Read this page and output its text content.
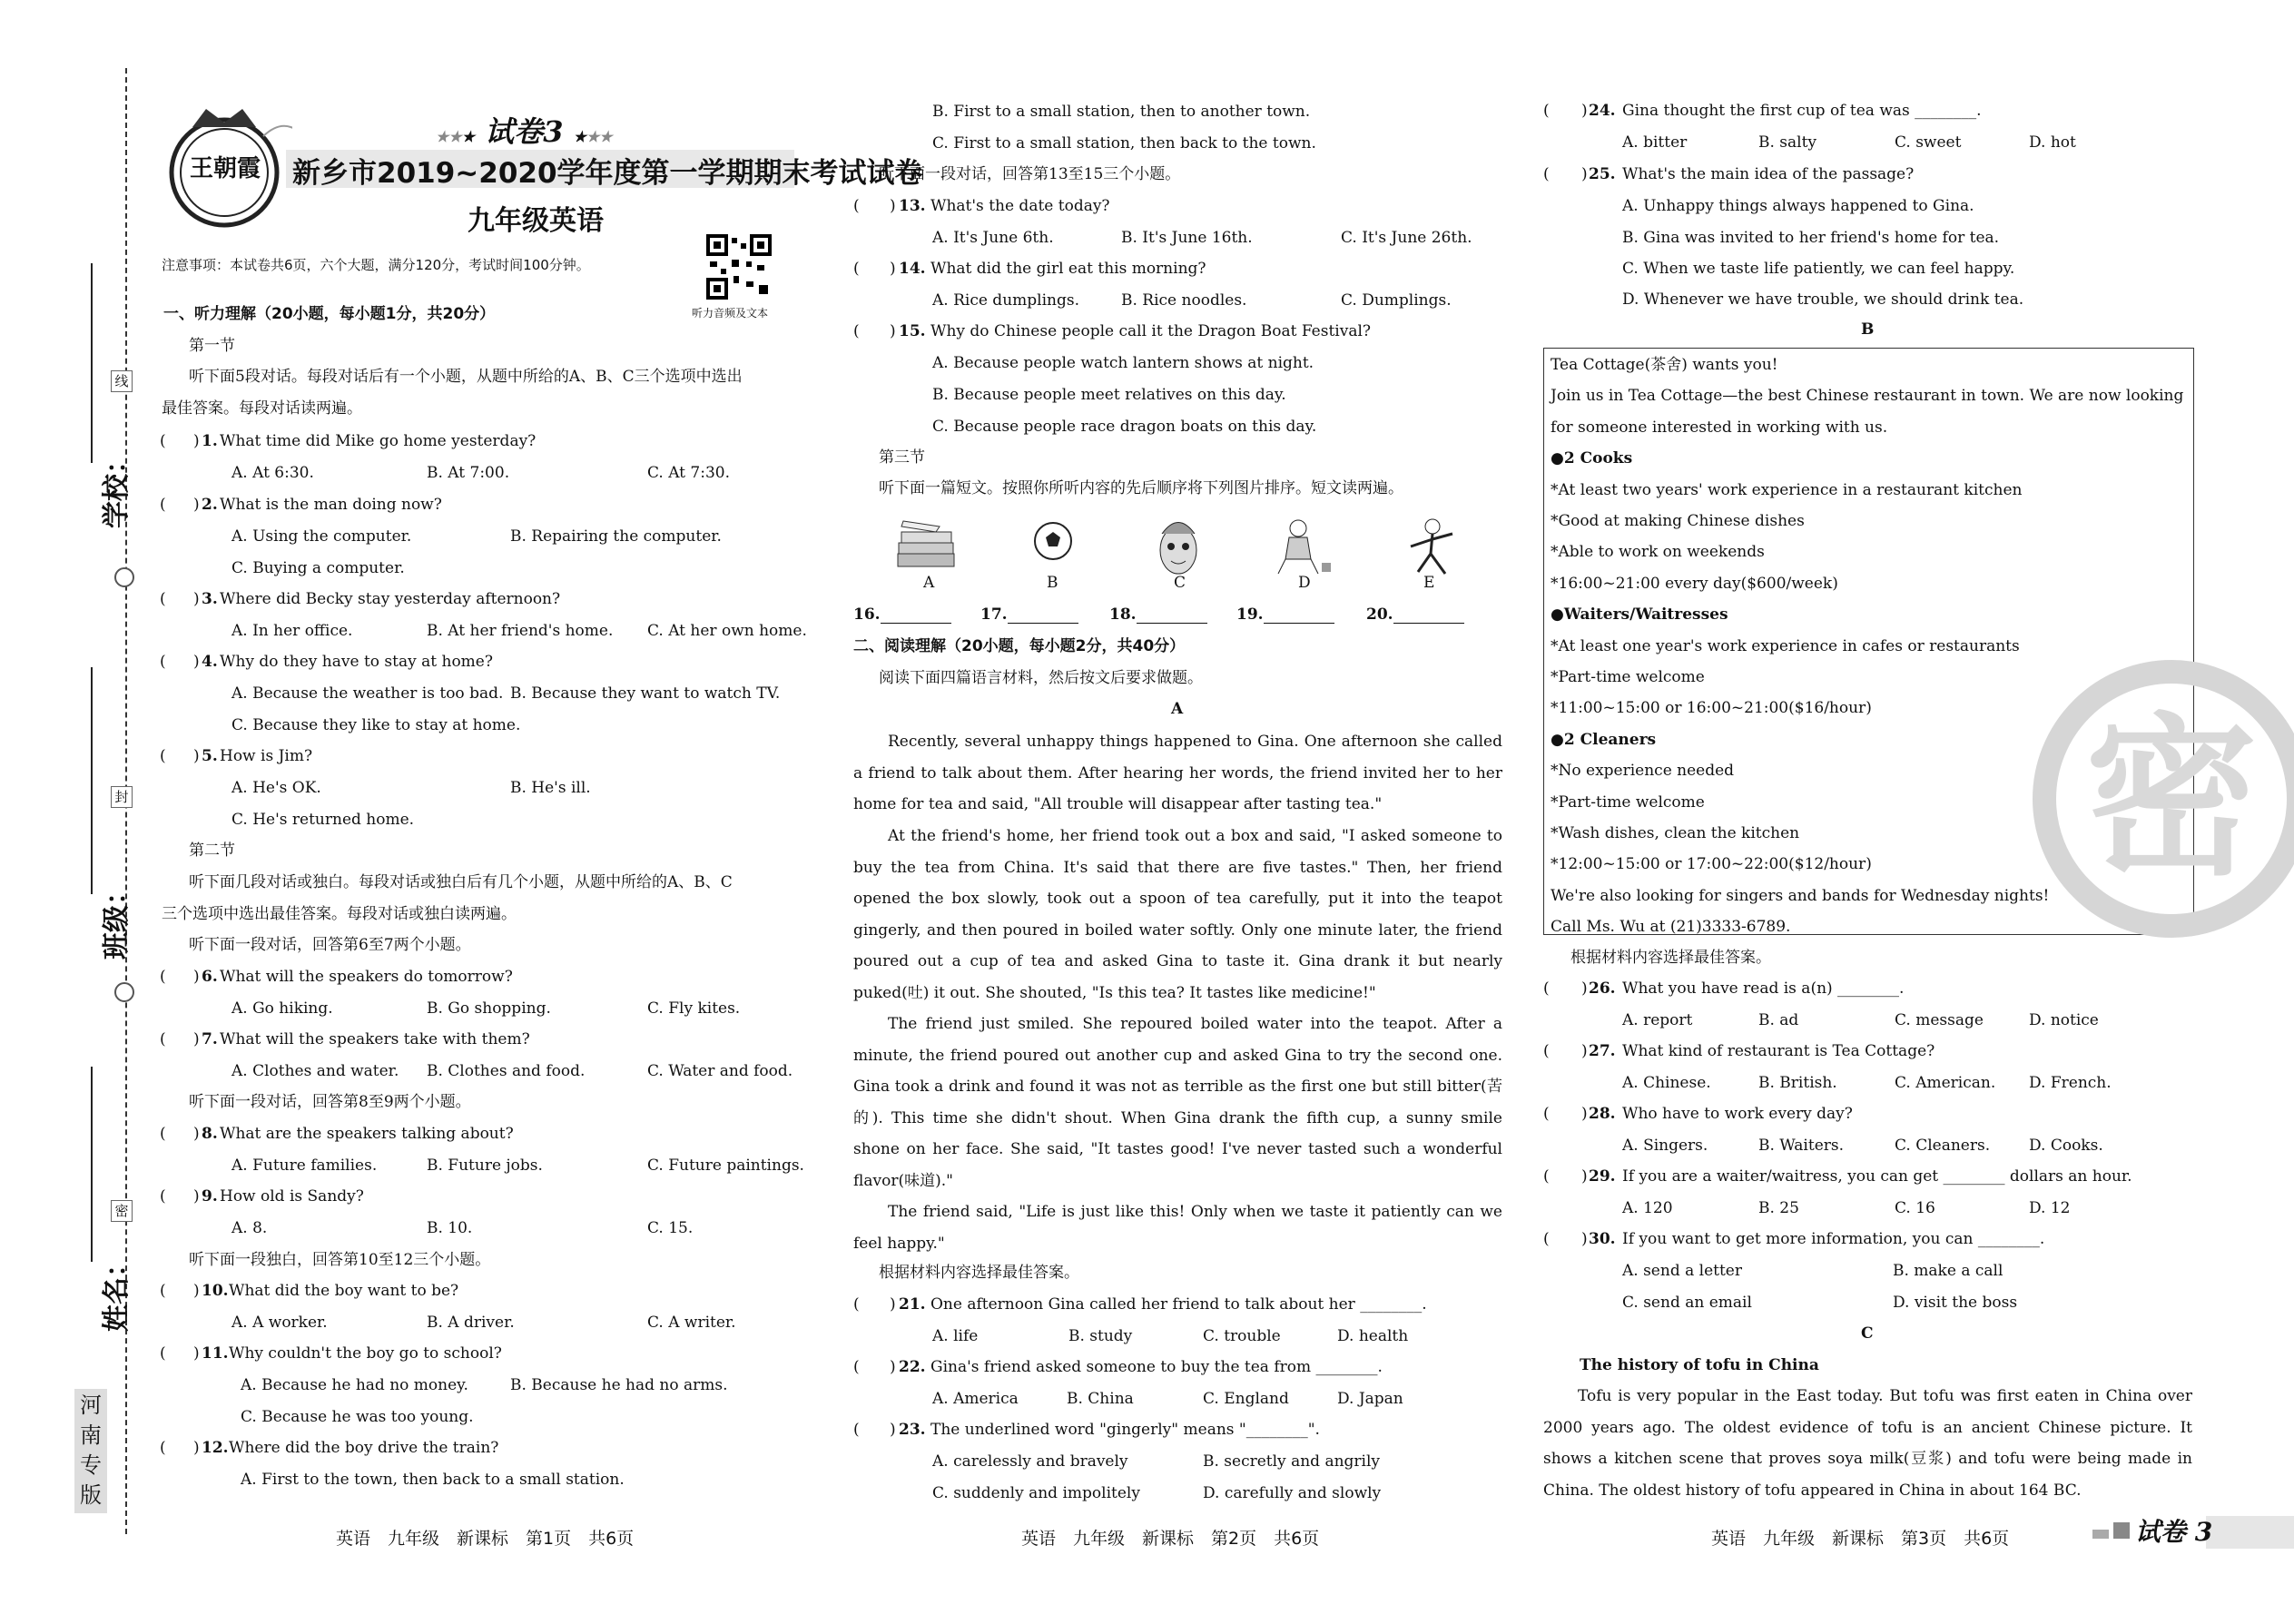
线
封
密
学校：
班级：
姓名：
河
南
专
版
王朝霞
★★★ 试卷3 ★★★
新乡市2019~2020学年度第一学期期末考试试卷
九年级英语
注意事项：本试卷共6页，六个大题，满分120分，考试时间100分钟。
听力音频及文本
一、听力理解（20小题，每小题1分，共20分）
第一节
听下面5段对话。每段对话后有一个小题，从题中所给的A、B、C三个选项中选出
最佳答案。每段对话读两遍。
密
英语　九年级　新课标　第1页　共6页	英语　九年级　新课标　第2页　共6页	英语　九年级　新课标　第3页　共6页	试卷 3
( ) 1. What time did Mike go home yesterday?
A. At 6:30.	B. At 7:00.	C. At 7:30.
( ) 2. What is the man doing now?
A. Using the computer.	B. Repairing the computer.
C. Buying a computer.
( ) 3. Where did Becky stay yesterday afternoon?
A. In her office.	B. At her friend's home. C. At her own home.
( ) 4. Why do they have to stay at home?
A. Because the weather is too bad. B. Because they want to watch TV.
C. Because they like to stay at home.
( ) 5. How is Jim?
A. He's OK.	B. He's ill.
C. He's returned home.
第二节
听下面几段对话或独白。每段对话或独白后有几个小题，从题中所给的A、B、C
三个选项中选出最佳答案。每段对话或独白读两遍。
听下面一段对话，回答第6至7两个小题。
( ) 6. What will the speakers do tomorrow?
A. Go hiking.	B. Go shopping.	C. Fly kites.
( ) 7. What will the speakers take with them?
A. Clothes and water. B. Clothes and food.	C. Water and food.
听下面一段对话，回答第8至9两个小题。
( ) 8. What are the speakers talking about?
A. Future families.	B. Future jobs.	C. Future paintings.
( ) 9. How old is Sandy?
A. 8.	B. 10.	C. 15.
听下面一段独白，回答第10至12三个小题。
( ) 10. What did the boy want to be?
A. A worker.	B. A driver.	C. A writer.
( ) 11. Why couldn't the boy go to school?
A. Because he had no money.	B. Because he had no arms.
C. Because he was too young.
( ) 12. Where did the boy drive the train?
A. First to the town, then back to a small station.
B. First to a small station, then to another town.
C. First to a small station, then back to the town.
听下面一段对话，回答第13至15三个小题。
( ) 13. What's the date today?
A. It's June 6th.	B. It's June 16th.	C. It's June 26th.
( ) 14. What did the girl eat this morning?
A. Rice dumplings.	B. Rice noodles.	C. Dumplings.
( ) 15. Why do Chinese people call it the Dragon Boat Festival?
A. Because people watch lantern shows at night.
B. Because people meet relatives on this day.
C. Because people race dragon boats on this day.
第三节
听下面一篇短文。按照你所听内容的先后顺序将下列图片排序。短文读两遍。
A	B	C	D	E
16.	17.	18.	19.	20.
二、阅读理解（20小题，每小题2分，共40分）
阅读下面四篇语言材料，然后按文后要求做题。
A
Recently, several unhappy things happened to Gina. One afternoon she called a friend to talk about them. After hearing her words, the friend invited her to her home for tea and said, "All trouble will disappear after tasting tea."
At the friend's home, her friend took out a box and said, "I asked someone to buy the tea from China. It's said that there are five tastes." Then, her friend opened the box slowly, took out a spoon of tea carefully, put it into the teapot gingerly, and then poured in boiled water softly. Only one minute later, the friend poured out a cup of tea and asked Gina to taste it. Gina drank it but nearly puked(吐) it out. She shouted, "Is this tea? It tastes like medicine!"
The friend just smiled. She repoured boiled water into the teapot. After a minute, the friend poured out another cup and asked Gina to try the second one. Gina took a drink and found it was not as terrible as the first one but still bitter(苦的). This time she didn't shout. When Gina drank the fifth cup, a sunny smile shone on her face. She said, "It tastes good! I've never tasted such a wonderful flavor(味道)."
The friend said, "Life is just like this! Only when we taste it patiently can we feel happy."
根据材料内容选择最佳答案。
( ) 21. One afternoon Gina called her friend to talk about her ________.
A. life	B. study	C. trouble	D. health
( ) 22. Gina's friend asked someone to buy the tea from ________.
A. America	B. China	C. England	D. Japan
( ) 23. The underlined word "gingerly" means "________".
A. carelessly and bravely	B. secretly and angrily
C. suddenly and impolitely	D. carefully and slowly
( ) 24. Gina thought the first cup of tea was ________.
A. bitter	B. salty	C. sweet	D. hot
( ) 25. What's the main idea of the passage?
A. Unhappy things always happened to Gina.
B. Gina was invited to her friend's home for tea.
C. When we taste life patiently, we can feel happy.
D. Whenever we have trouble, we should drink tea.
B
Tea Cottage(茶舍) wants you!
Join us in Tea Cottage—the best Chinese restaurant in town. We are now looking
for someone interested in working with us.
●2 Cooks
*At least two years' work experience in a restaurant kitchen
*Good at making Chinese dishes
*Able to work on weekends
*16:00~21:00 every day($600/week)
●Waiters/Waitresses
*At least one year's work experience in cafes or restaurants
*Part-time welcome
*11:00~15:00 or 16:00~21:00($16/hour)
●2 Cleaners
*No experience needed
*Part-time welcome
*Wash dishes, clean the kitchen
*12:00~15:00 or 17:00~22:00($12/hour)
We're also looking for singers and bands for Wednesday nights!
Call Ms. Wu at (21)3333-6789.
根据材料内容选择最佳答案。
( ) 26. What you have read is a(n) ________.
A. report	B. ad	C. message	D. notice
( ) 27. What kind of restaurant is Tea Cottage?
A. Chinese.	B. British.	C. American. D. French.
( ) 28. Who have to work every day?
A. Singers.	B. Waiters.	C. Cleaners.	D. Cooks.
( ) 29. If you are a waiter/waitress, you can get ________ dollars an hour.
A. 120	B. 25	C. 16	D. 12
( ) 30. If you want to get more information, you can ________.
A. send a letter	B. make a call
C. send an email	D. visit the boss
C
The history of tofu in China
Tofu is very popular in the East today. But tofu was first eaten in China over 2000 years ago. The oldest evidence of tofu is an ancient Chinese picture. It shows a kitchen scene that proves soya milk(豆浆) and tofu were being made in China. The oldest history of tofu appeared in China in about 164 BC.
